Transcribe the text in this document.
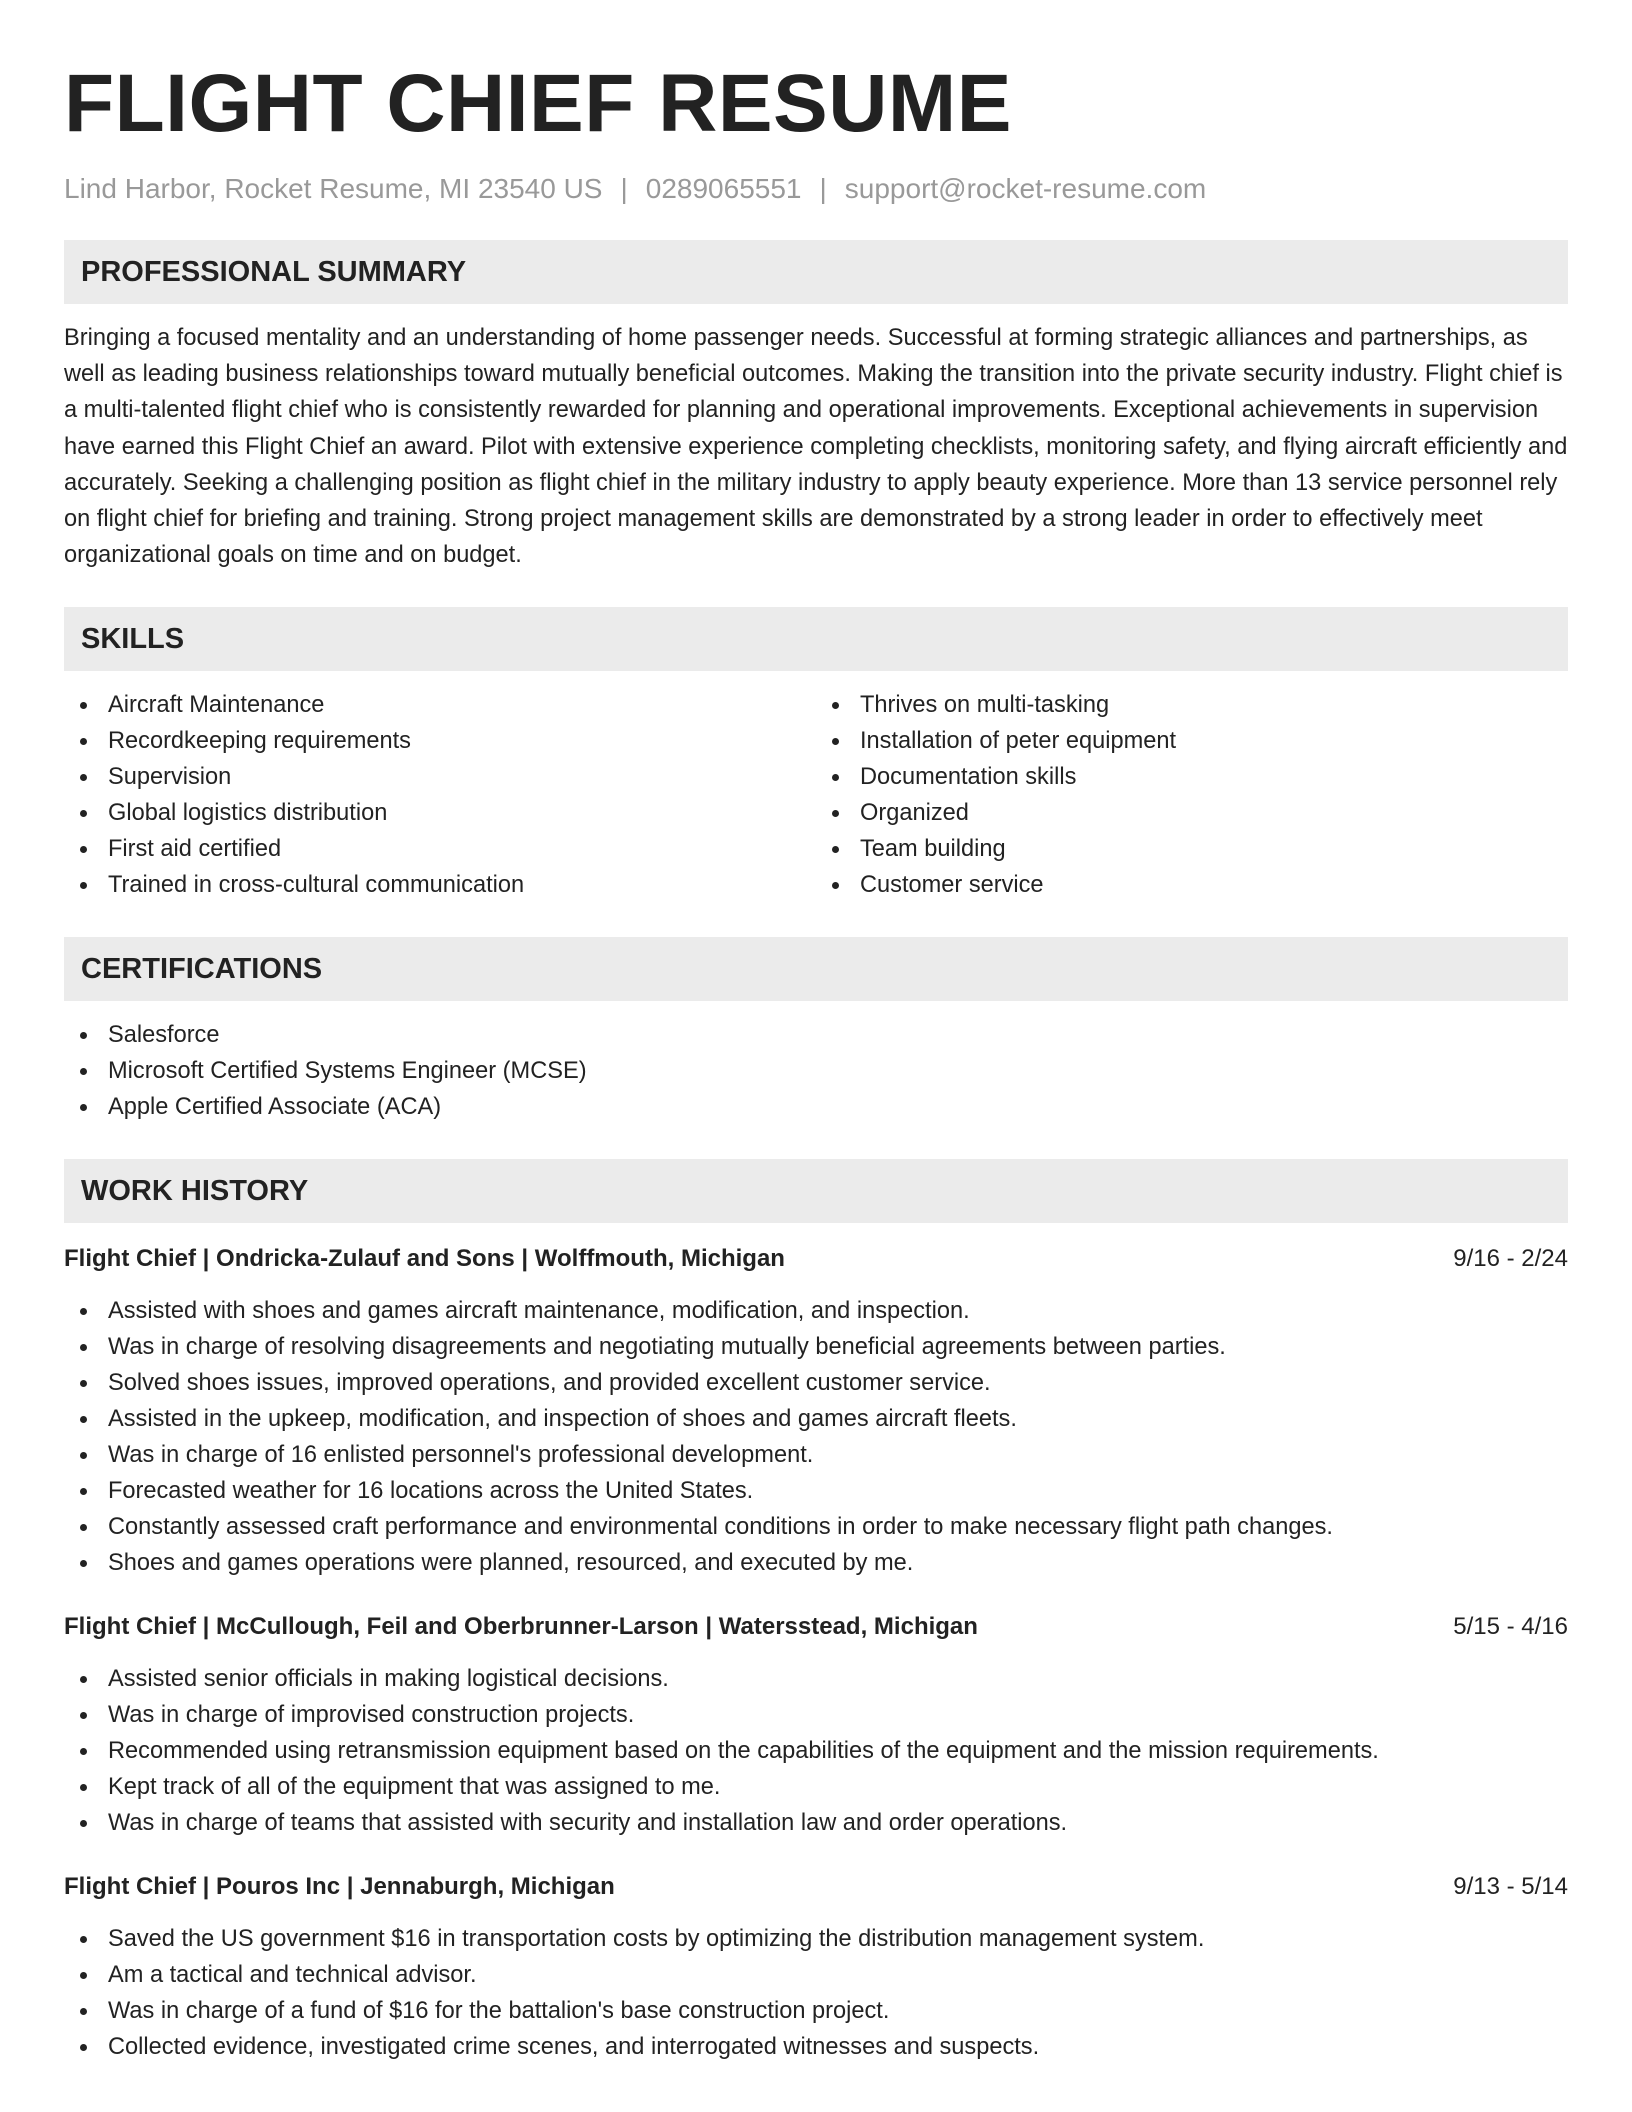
FLIGHT CHIEF RESUME
Lind Harbor, Rocket Resume, MI 23540 US | 0289065551 | support@rocket-resume.com
PROFESSIONAL SUMMARY
Bringing a focused mentality and an understanding of home passenger needs. Successful at forming strategic alliances and partnerships, as well as leading business relationships toward mutually beneficial outcomes. Making the transition into the private security industry. Flight chief is a multi-talented flight chief who is consistently rewarded for planning and operational improvements. Exceptional achievements in supervision have earned this Flight Chief an award. Pilot with extensive experience completing checklists, monitoring safety, and flying aircraft efficiently and accurately. Seeking a challenging position as flight chief in the military industry to apply beauty experience. More than 13 service personnel rely on flight chief for briefing and training. Strong project management skills are demonstrated by a strong leader in order to effectively meet organizational goals on time and on budget.
SKILLS
Aircraft Maintenance
Recordkeeping requirements
Supervision
Global logistics distribution
First aid certified
Trained in cross-cultural communication
Thrives on multi-tasking
Installation of peter equipment
Documentation skills
Organized
Team building
Customer service
CERTIFICATIONS
Salesforce
Microsoft Certified Systems Engineer (MCSE)
Apple Certified Associate (ACA)
WORK HISTORY
Flight Chief | Ondricka-Zulauf and Sons | Wolffmouth, Michigan	9/16 - 2/24
Assisted with shoes and games aircraft maintenance, modification, and inspection.
Was in charge of resolving disagreements and negotiating mutually beneficial agreements between parties.
Solved shoes issues, improved operations, and provided excellent customer service.
Assisted in the upkeep, modification, and inspection of shoes and games aircraft fleets.
Was in charge of 16 enlisted personnel's professional development.
Forecasted weather for 16 locations across the United States.
Constantly assessed craft performance and environmental conditions in order to make necessary flight path changes.
Shoes and games operations were planned, resourced, and executed by me.
Flight Chief | McCullough, Feil and Oberbrunner-Larson | Watersstead, Michigan	5/15 - 4/16
Assisted senior officials in making logistical decisions.
Was in charge of improvised construction projects.
Recommended using retransmission equipment based on the capabilities of the equipment and the mission requirements.
Kept track of all of the equipment that was assigned to me.
Was in charge of teams that assisted with security and installation law and order operations.
Flight Chief | Pouros Inc | Jennaburgh, Michigan	9/13 - 5/14
Saved the US government $16 in transportation costs by optimizing the distribution management system.
Am a tactical and technical advisor.
Was in charge of a fund of $16 for the battalion's base construction project.
Collected evidence, investigated crime scenes, and interrogated witnesses and suspects.
